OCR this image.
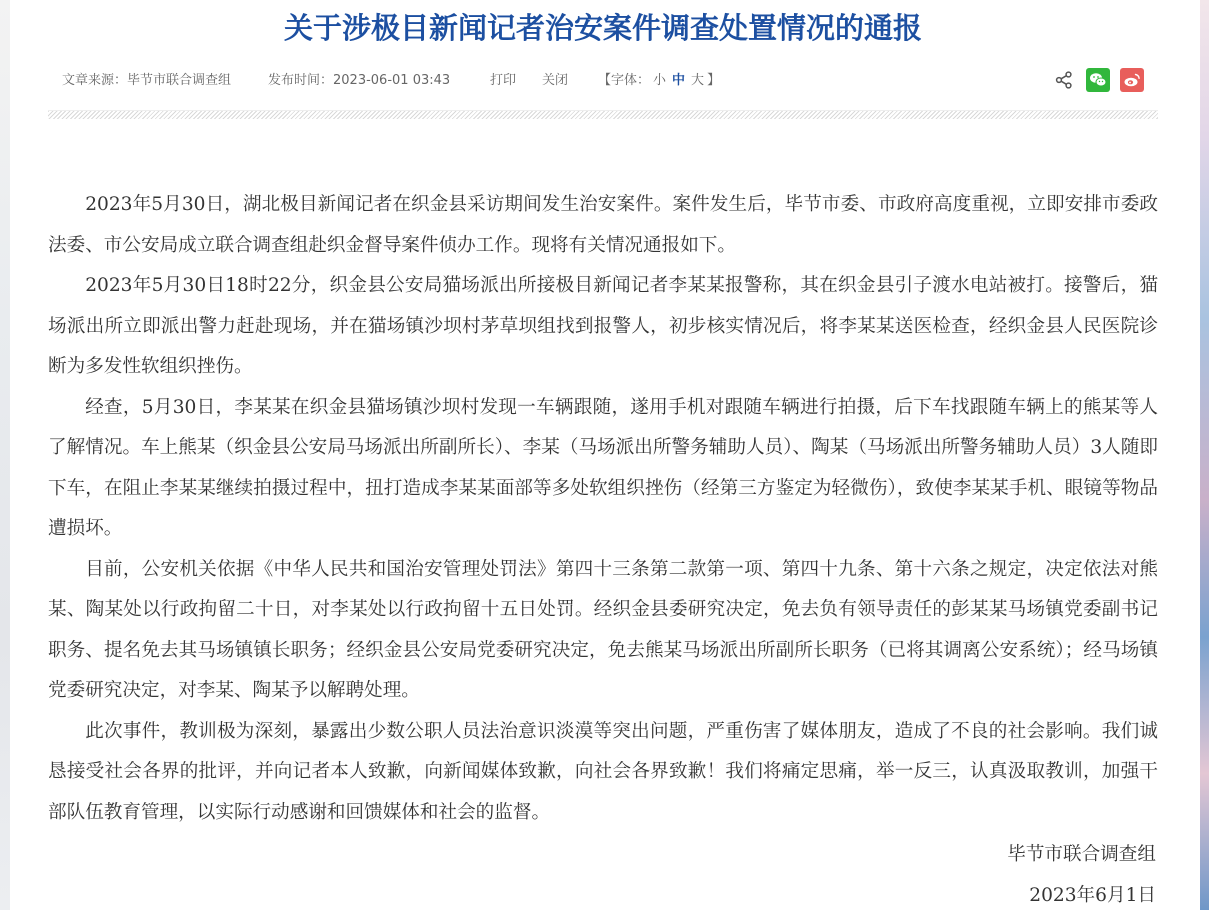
关于涉极目新闻记者治安案件调查处置情况的通报
文章来源：毕节市联合调查组	发布时间：2023-06-01 03:43	打印 关闭 【字体： 小 中 大 】

2023年5月30日，湖北极目新闻记者在织金县采访期间发生治安案件。案件发生后，毕节市委、市政府高度重视，立即安排市委政法委、市公安局成立联合调查组赴织金督导案件侦办工作。现将有关情况通报如下。

2023年5月30日18时22分，织金县公安局猫场派出所接极目新闻记者李某某报警称，其在织金县引子渡水电站被打。接警后，猫场派出所立即派出警力赶赴现场，并在猫场镇沙坝村茅草坝组找到报警人，初步核实情况后，将李某某送医检查，经织金县人民医院诊断为多发性软组织挫伤。

经查，5月30日，李某某在织金县猫场镇沙坝村发现一车辆跟随，遂用手机对跟随车辆进行拍摄，后下车找跟随车辆上的熊某等人了解情况。车上熊某（织金县公安局马场派出所副所长）、李某（马场派出所警务辅助人员）、陶某（马场派出所警务辅助人员）3人随即下车，在阻止李某某继续拍摄过程中，扭打造成李某某面部等多处软组织挫伤（经第三方鉴定为轻微伤），致使李某某手机、眼镜等物品遭损坏。

目前，公安机关依据《中华人民共和国治安管理处罚法》第四十三条第二款第一项、第四十九条、第十六条之规定，决定依法对熊某、陶某处以行政拘留二十日，对李某处以行政拘留十五日处罚。经织金县委研究决定，免去负有领导责任的彭某某马场镇党委副书记职务、提名免去其马场镇镇长职务；经织金县公安局党委研究决定，免去熊某马场派出所副所长职务（已将其调离公安系统）；经马场镇党委研究决定，对李某、陶某予以解聘处理。

此次事件，教训极为深刻，暴露出少数公职人员法治意识淡漠等突出问题，严重伤害了媒体朋友，造成了不良的社会影响。我们诚恳接受社会各界的批评，并向记者本人致歉，向新闻媒体致歉，向社会各界致歉！我们将痛定思痛，举一反三，认真汲取教训，加强干部队伍教育管理，以实际行动感谢和回馈媒体和社会的监督。

毕节市联合调查组

2023年6月1日
